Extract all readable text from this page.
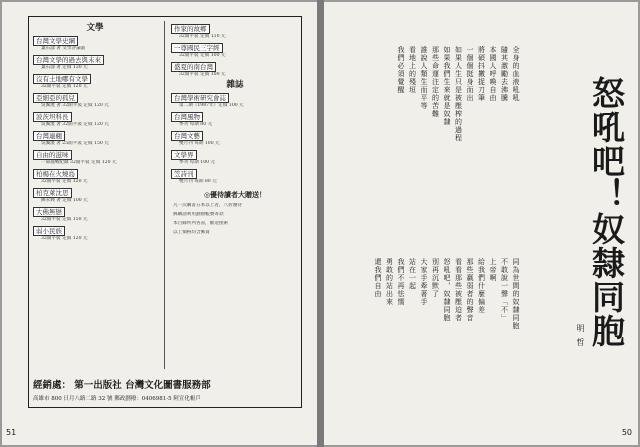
文學
台灣文學史綱
葉石濤 著 文學評論叢
台灣文學的過去與未來
葉石濤 著 定價 120 元
沒有土地哪有文學
32開平裝 定價 120 元
亞細亞的孤兒
吳濁流 著 32開平裝 定價 120 元
波茨坦科長
吳濁流 著 32開平裝 定價 120 元
台灣連翹
吳濁流 著 25開平裝 定價 150 元
自由的滋味
一部越戰紀錄 32開平裝 定價 120 元
柏楊在火燒島
32開平裝 定價 120 元
柏克萊沈思
陳永興 著 定價 100 元
大佛無戀
32開平裝 定價 150 元
弱小民族
32開平裝 定價 120 元
作家的故鄉
32開平裝 定價 110 元
一尊國民三字經
32開平裝 定價 100 元
盛夏的南台灣
32開平裝 定價 100 元
雜誌
台灣學術研究會誌
第二期（1987年）定價 100 元
台灣風物
季刊 每期 80 元
台灣文藝
雙月刊 每期 100 元
文學界
季刊 每期 100 元
笠詩刊
雙月刊 每期 80 元
◎優待讀者大贈送！
凡一次購書五本以上者，八折優待
郵購請利用劃撥帳號寄款
本目錄所列各書，歡迎函索
以上價格均含郵資
經銷處： 第一出版社 台灣文化圖書服務部
高雄市 800 日月八路二路 32 號 郵政劃撥：0406981-5 阿宣化帳戶
51
怒吼吧！奴隸同胞
明哲
全身的血液吼吼
隨其激勵去沸騰
本國人呼喚自由
將碩抖擻捉刀筆
一個個挺身而出
如果人生只是被壓榨的過程
如果我們生來就是奴隸
那些命運注定的苦難
誰說人類生而平等
看地上的殘垣
我們必須覺醒
同為世間的奴隸同胞
不敢說一聲「不」
上帝啊
給我們什麼偏差
那些羸弱者的聲音
看看那些被壓迫者
怒吼吧，奴隸同胞
別再沉默了
大家手牽著手
站在一起
我們不再怯懦
勇敢的站出來
還我們自由
50
